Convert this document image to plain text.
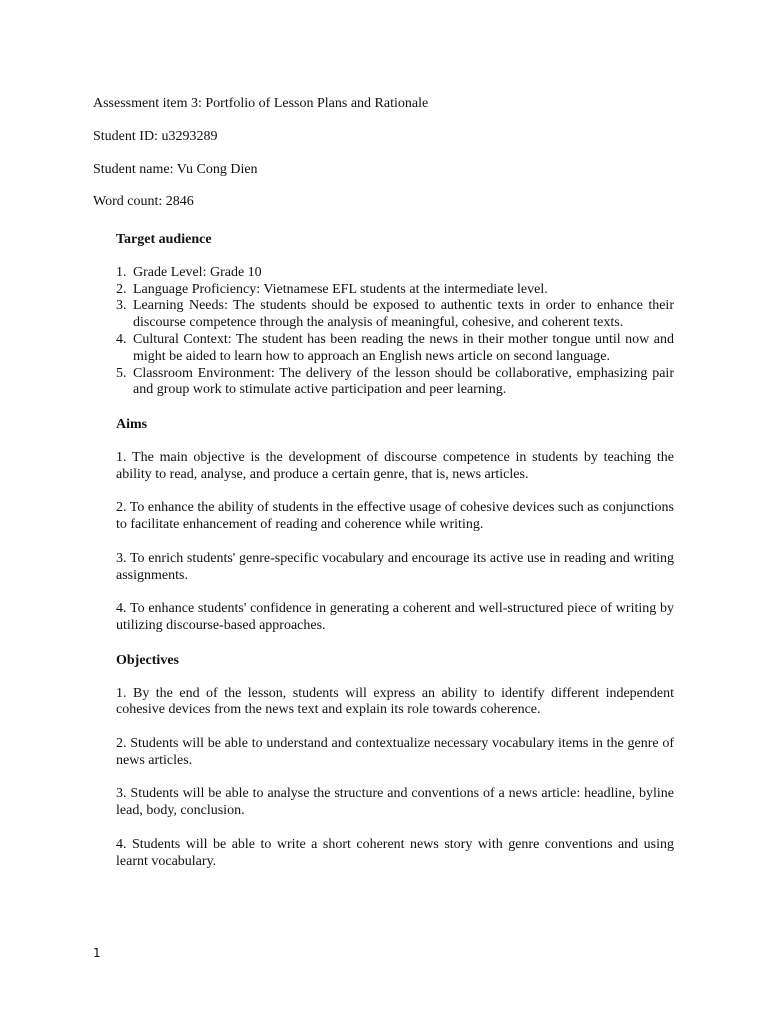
Assessment item 3: Portfolio of Lesson Plans and Rationale
Student ID: u3293289
Student name: Vu Cong Dien
Word count: 2846
Target audience
1. Grade Level: Grade 10
2. Language Proficiency: Vietnamese EFL students at the intermediate level.
3. Learning Needs: The students should be exposed to authentic texts in order to enhance their discourse competence through the analysis of meaningful, cohesive, and coherent texts.
4. Cultural Context: The student has been reading the news in their mother tongue until now and might be aided to learn how to approach an English news article on second language.
5. Classroom Environment: The delivery of the lesson should be collaborative, emphasizing pair and group work to stimulate active participation and peer learning.
Aims

1. The main objective is the development of discourse competence in students by teaching the ability to read, analyse, and produce a certain genre, that is, news articles.

2. To enhance the ability of students in the effective usage of cohesive devices such as conjunctions to facilitate enhancement of reading and coherence while writing.

3. To enrich students' genre-specific vocabulary and encourage its active use in reading and writing assignments.

4. To enhance students' confidence in generating a coherent and well-structured piece of writing by utilizing discourse-based approaches.

Objectives

1. By the end of the lesson, students will express an ability to identify different independent cohesive devices from the news text and explain its role towards coherence.

2. Students will be able to understand and contextualize necessary vocabulary items in the genre of news articles.

3. Students will be able to analyse the structure and conventions of a news article: headline, byline lead, body, conclusion.

4. Students will be able to write a short coherent news story with genre conventions and using learnt vocabulary.

1
